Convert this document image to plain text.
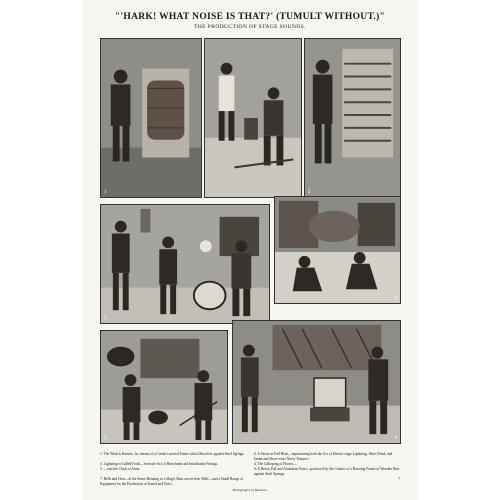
"'HARK! WHAT NOISE IS THAT?' (TUMULT WITHOUT.)"
THE PRODUCTION OF STAGE SOUNDS.
1	2
3
4
5	6

1. The Wind is Raised—by means of a Cornet-covered Frame which Revolves against Steel Springs.	2. A Storm in Full Blast—representing both the Act of Electro-stage Lightning, Sheet Wind, and Drum and Short-wave Noise Textures.

3. Lightning is Called Forth—from the Act of Horn-hand and Installation Fittings.	4. The Galloping of Horses—

5. —and the Clash of Arms.	6. A Heavy Fall and Attendant Noise—produced by the Contact of a Rotating Frame of Wooden Bars against Steel Springs.

7. Bells and Gear—at the Same Meaning as a Magic Barn across Iron Shelf—and a Small Range of Equipment for the Production of Sound and Voice.

7

Photographs by Bassano.
